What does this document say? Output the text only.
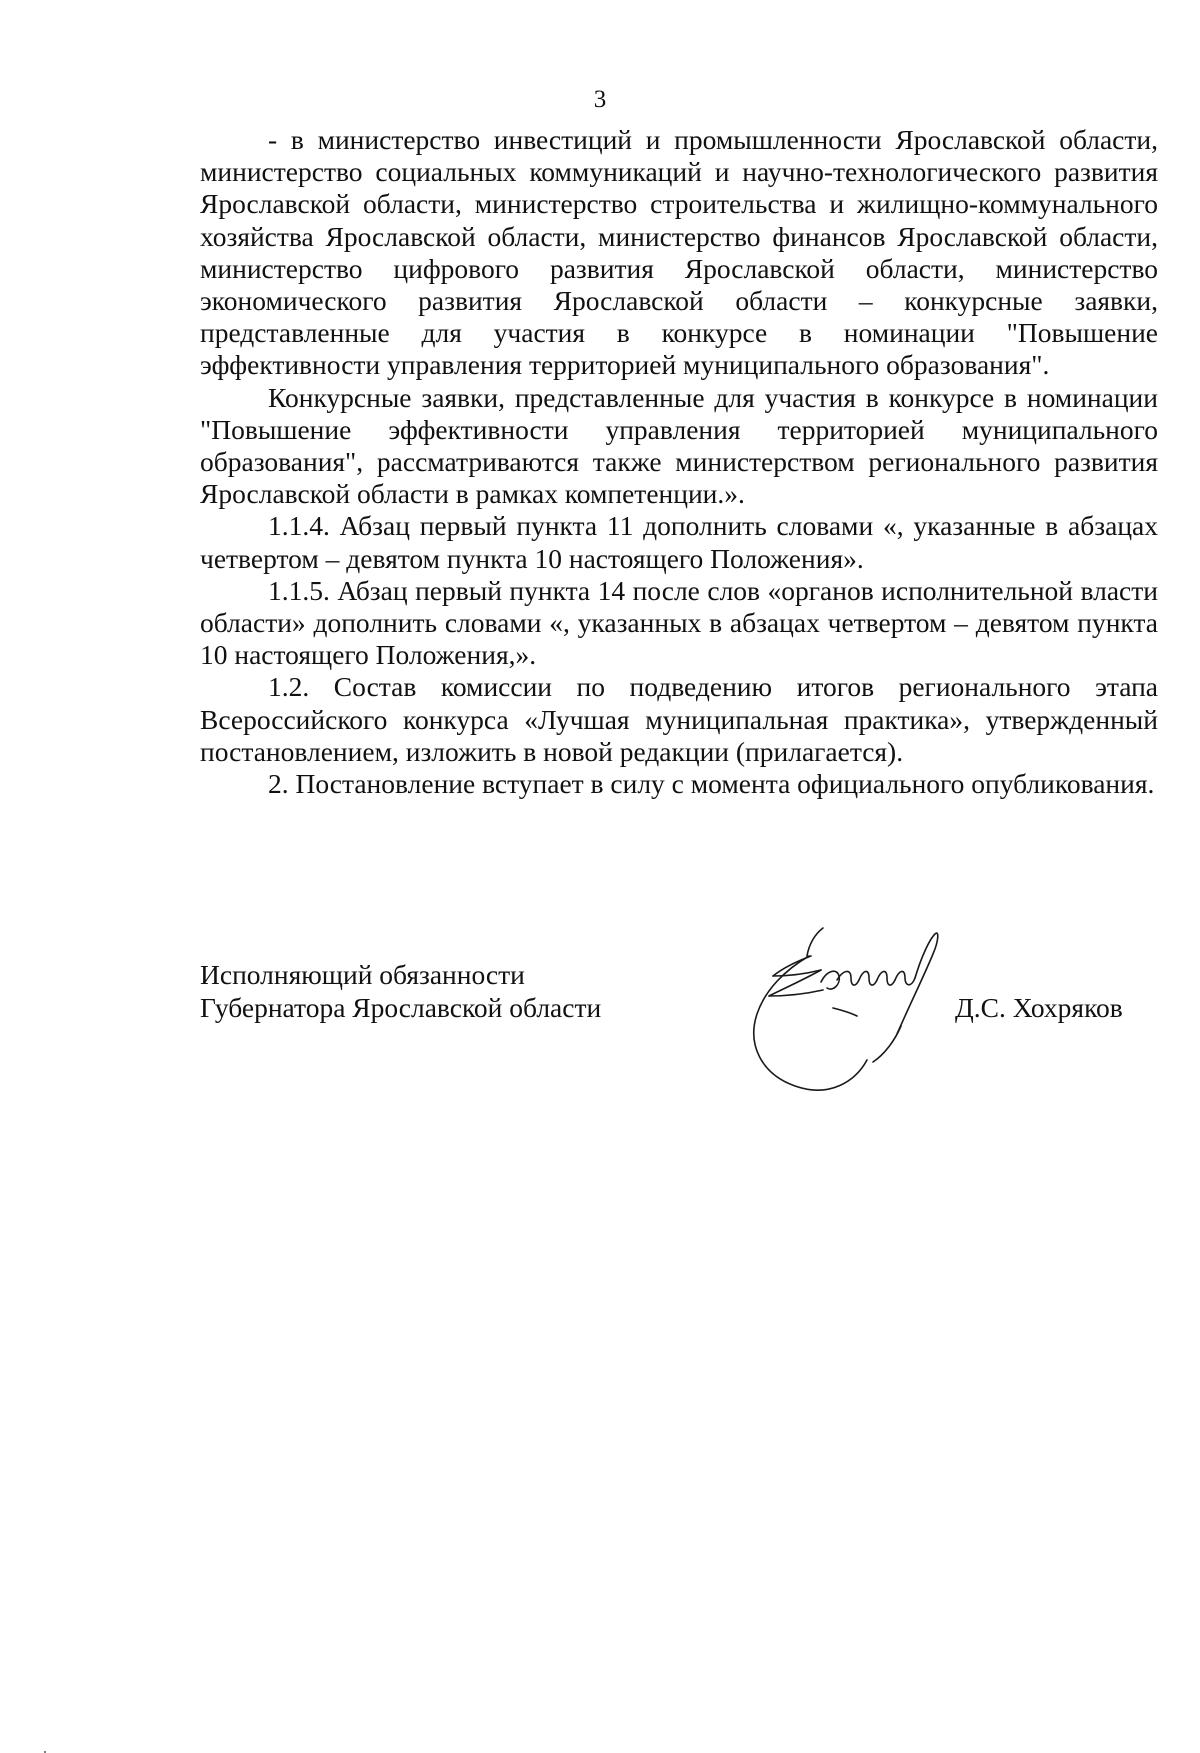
3

- в министерство инвестиций и промышленности Ярославской области, министерство социальных коммуникаций и научно-технологического развития Ярославской области, министерство строительства и жилищно-коммунального хозяйства Ярославской области, министерство финансов Ярославской области, министерство цифрового развития Ярославской области, министерство экономического развития Ярославской области – конкурсные заявки, представленные для участия в конкурсе в номинации "Повышение эффективности управления территорией муниципального образования".

Конкурсные заявки, представленные для участия в конкурсе в номинации "Повышение эффективности управления территорией муниципального образования", рассматриваются также министерством регионального развития Ярославской области в рамках компетенции.».

1.1.4. Абзац первый пункта 11 дополнить словами «, указанные в абзацах четвертом – девятом пункта 10 настоящего Положения».

1.1.5. Абзац первый пункта 14 после слов «органов исполнительной власти области» дополнить словами «, указанных в абзацах четвертом – девятом пункта 10 настоящего Положения,».

1.2. Состав комиссии по подведению итогов регионального этапа Всероссийского конкурса «Лучшая муниципальная практика», утвержденный постановлением, изложить в новой редакции (прилагается).

2. Постановление вступает в силу с момента официального опубликования.

Исполняющий обязанности
Губернатора Ярославской области	Д.С. Хохряков
